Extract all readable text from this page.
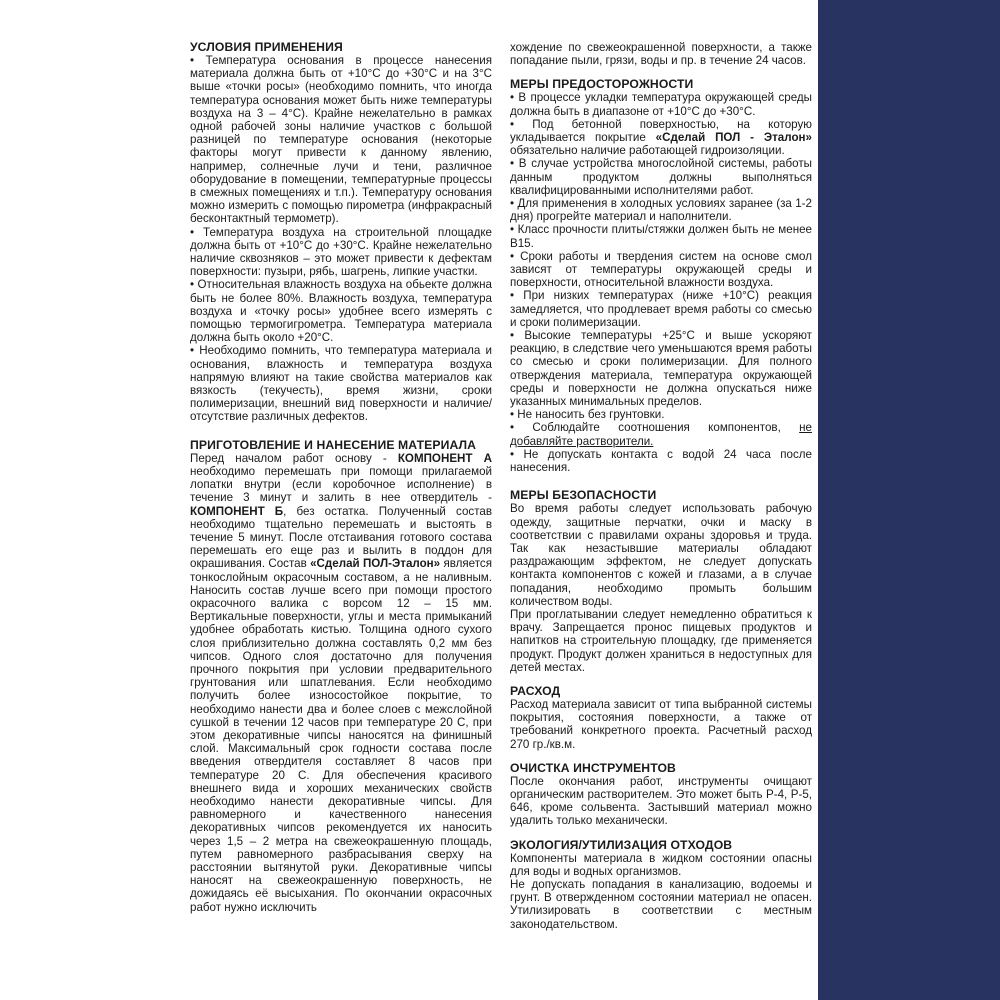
УСЛОВИЯ ПРИМЕНЕНИЯ

• Температура основания в процессе нанесения материала должна быть от +10°С до +30°С и на 3°С выше «точки росы» (необходимо помнить, что иногда температура основания может быть ниже температуры воздуха на 3 – 4°С). Крайне нежелательно в рамках одной рабочей зоны наличие участков с большой разницей по температуре основания (некоторые факторы могут привести к данному явлению, например, солнечные лучи и тени, различное оборудование в помещении, температурные процессы в смежных помещениях и т.п.). Температуру основания можно измерить с помощью пирометра (инфракрасный бесконтактный термометр).

• Температура воздуха на строительной площадке должна быть от +10°С до +30°С. Крайне нежелательно наличие сквозняков – это может привести к дефектам поверхности: пузыри, рябь, шагрень, липкие участки.

• Относительная влажность воздуха на обьекте должна быть не более 80%. Влажность воздуха, температура воздуха и «точку росы» удобнее всего измерять с помощью термогигрометра. Температура материала должна быть около +20°С.

• Необходимо помнить, что температура материала и основания, влажность и температура воздуха напрямую влияют на такие свойства материалов как вязкость (текучесть), время жизни, сроки полимеризации, внешний вид поверхности и наличие/отсутствие различных дефектов.

ПРИГОТОВЛЕНИЕ И НАНЕСЕНИЕ МАТЕРИАЛА

Перед началом работ основу - КОМПОНЕНТ А необходимо перемешать при помощи прилагаемой лопатки внутри (если коробочное исполнение) в течение 3 минут и залить в нее отвердитель - КОМПОНЕНТ Б, без остатка. Полученный состав необходимо тщательно перемешать и выстоять в течение 5 минут. После отстаивания готового состава перемешать его еще раз и вылить в поддон для окрашивания. Состав «Сделай ПОЛ-Эталон» является тонкослойным окрасочным составом, а не наливным. Наносить состав лучше всего при помощи простого окрасочного валика с ворсом 12 – 15 мм. Вертикальные поверхности, углы и места примыканий удобнее обработать кистью. Толщина одного сухого слоя приблизительно должна составлять 0,2 мм без чипсов. Одного слоя достаточно для получения прочного покрытия при условии предварительного грунтования или шпатлевания. Если необходимо получить более износостойкое покрытие, то необходимо нанести два и более слоев с межслойной сушкой в течении 12 часов при температуре 20 С, при этом декоративные чипсы наносятся на финишный слой. Максимальный срок годности состава после введения отвердителя составляет 8 часов при температуре 20 С. Для обеспечения красивого внешнего вида и хороших механических свойств необходимо нанести декоративные чипсы. Для равномерного и качественного нанесения декоративных чипсов рекомендуется их наносить через 1,5 – 2 метра на свежеокрашенную площадь, путем равномерного разбрасывания сверху на расстоянии вытянутой руки. Декоративные чипсы наносят на свежеокрашенную поверхность, не дожидаясь её высыхания. По окончании окрасочных работ нужно исключить

хождение по свежеокрашенной поверхности, а также попадание пыли, грязи, воды и пр. в течение 24 часов.

МЕРЫ ПРЕДОСТОРОЖНОСТИ

• В процессе укладки температура окружающей среды должна быть в диапазоне от +10°С до +30°С.

• Под бетонной поверхностью, на которую укладывается покрытие «Сделай ПОЛ - Эталон» обязательно наличие работающей гидроизоляции.

• В случае устройства многослойной системы, работы данным продуктом должны выполняться квалифицированными исполнителями работ.

• Для применения в холодных условиях заранее (за 1-2 дня) прогрейте материал и наполнители.

• Класс прочности плиты/стяжки должен быть не менее В15.

• Сроки работы и твердения систем на основе смол зависят от температуры окружающей среды и поверхности, относительной влажности воздуха.

• При низких температурах (ниже +10°С) реакция замедляется, что продлевает время работы со смесью и сроки полимеризации.

• Высокие температуры +25°С и выше ускоряют реакцию, в следствие чего уменьшаются время работы со смесью и сроки полимеризации. Для полного отверждения материала, температура окружающей среды и поверхности не должна опускаться ниже указанных минимальных пределов.

• Не наносить без грунтовки.

• Соблюдайте соотношения компонентов, не добавляйте растворители.

• Не допускать контакта с водой 24 часа после нанесения.

МЕРЫ БЕЗОПАСНОСТИ

Во время работы следует использовать рабочую одежду, защитные перчатки, очки и маску в соответствии с правилами охраны здоровья и труда. Так как незастывшие материалы обладают раздражающим эффектом, не следует допускать контакта компонентов с кожей и глазами, а в случае попадания, необходимо промыть большим количеством воды.

При проглатывании следует немедленно обратиться к врачу. Запрещается пронос пищевых продуктов и напитков на строительную площадку, где применяется продукт. Продукт должен храниться в недоступных для детей местах.

РАСХОД

Расход материала зависит от типа выбранной системы покрытия, состояния поверхности, а также от требований конкретного проекта. Расчетный расход 270 гр./кв.м.

ОЧИСТКА ИНСТРУМЕНТОВ

После окончания работ, инструменты очищают органическим растворителем. Это может быть Р-4, Р-5, 646, кроме сольвента. Застывший материал можно удалить только механически.

ЭКОЛОГИЯ/УТИЛИЗАЦИЯ ОТХОДОВ

Компоненты материала в жидком состоянии опасны для воды и водных организмов.

Не допускать попадания в канализацию, водоемы и грунт. В отвержденном состоянии материал не опасен. Утилизировать в соответствии с местным законодательством.
